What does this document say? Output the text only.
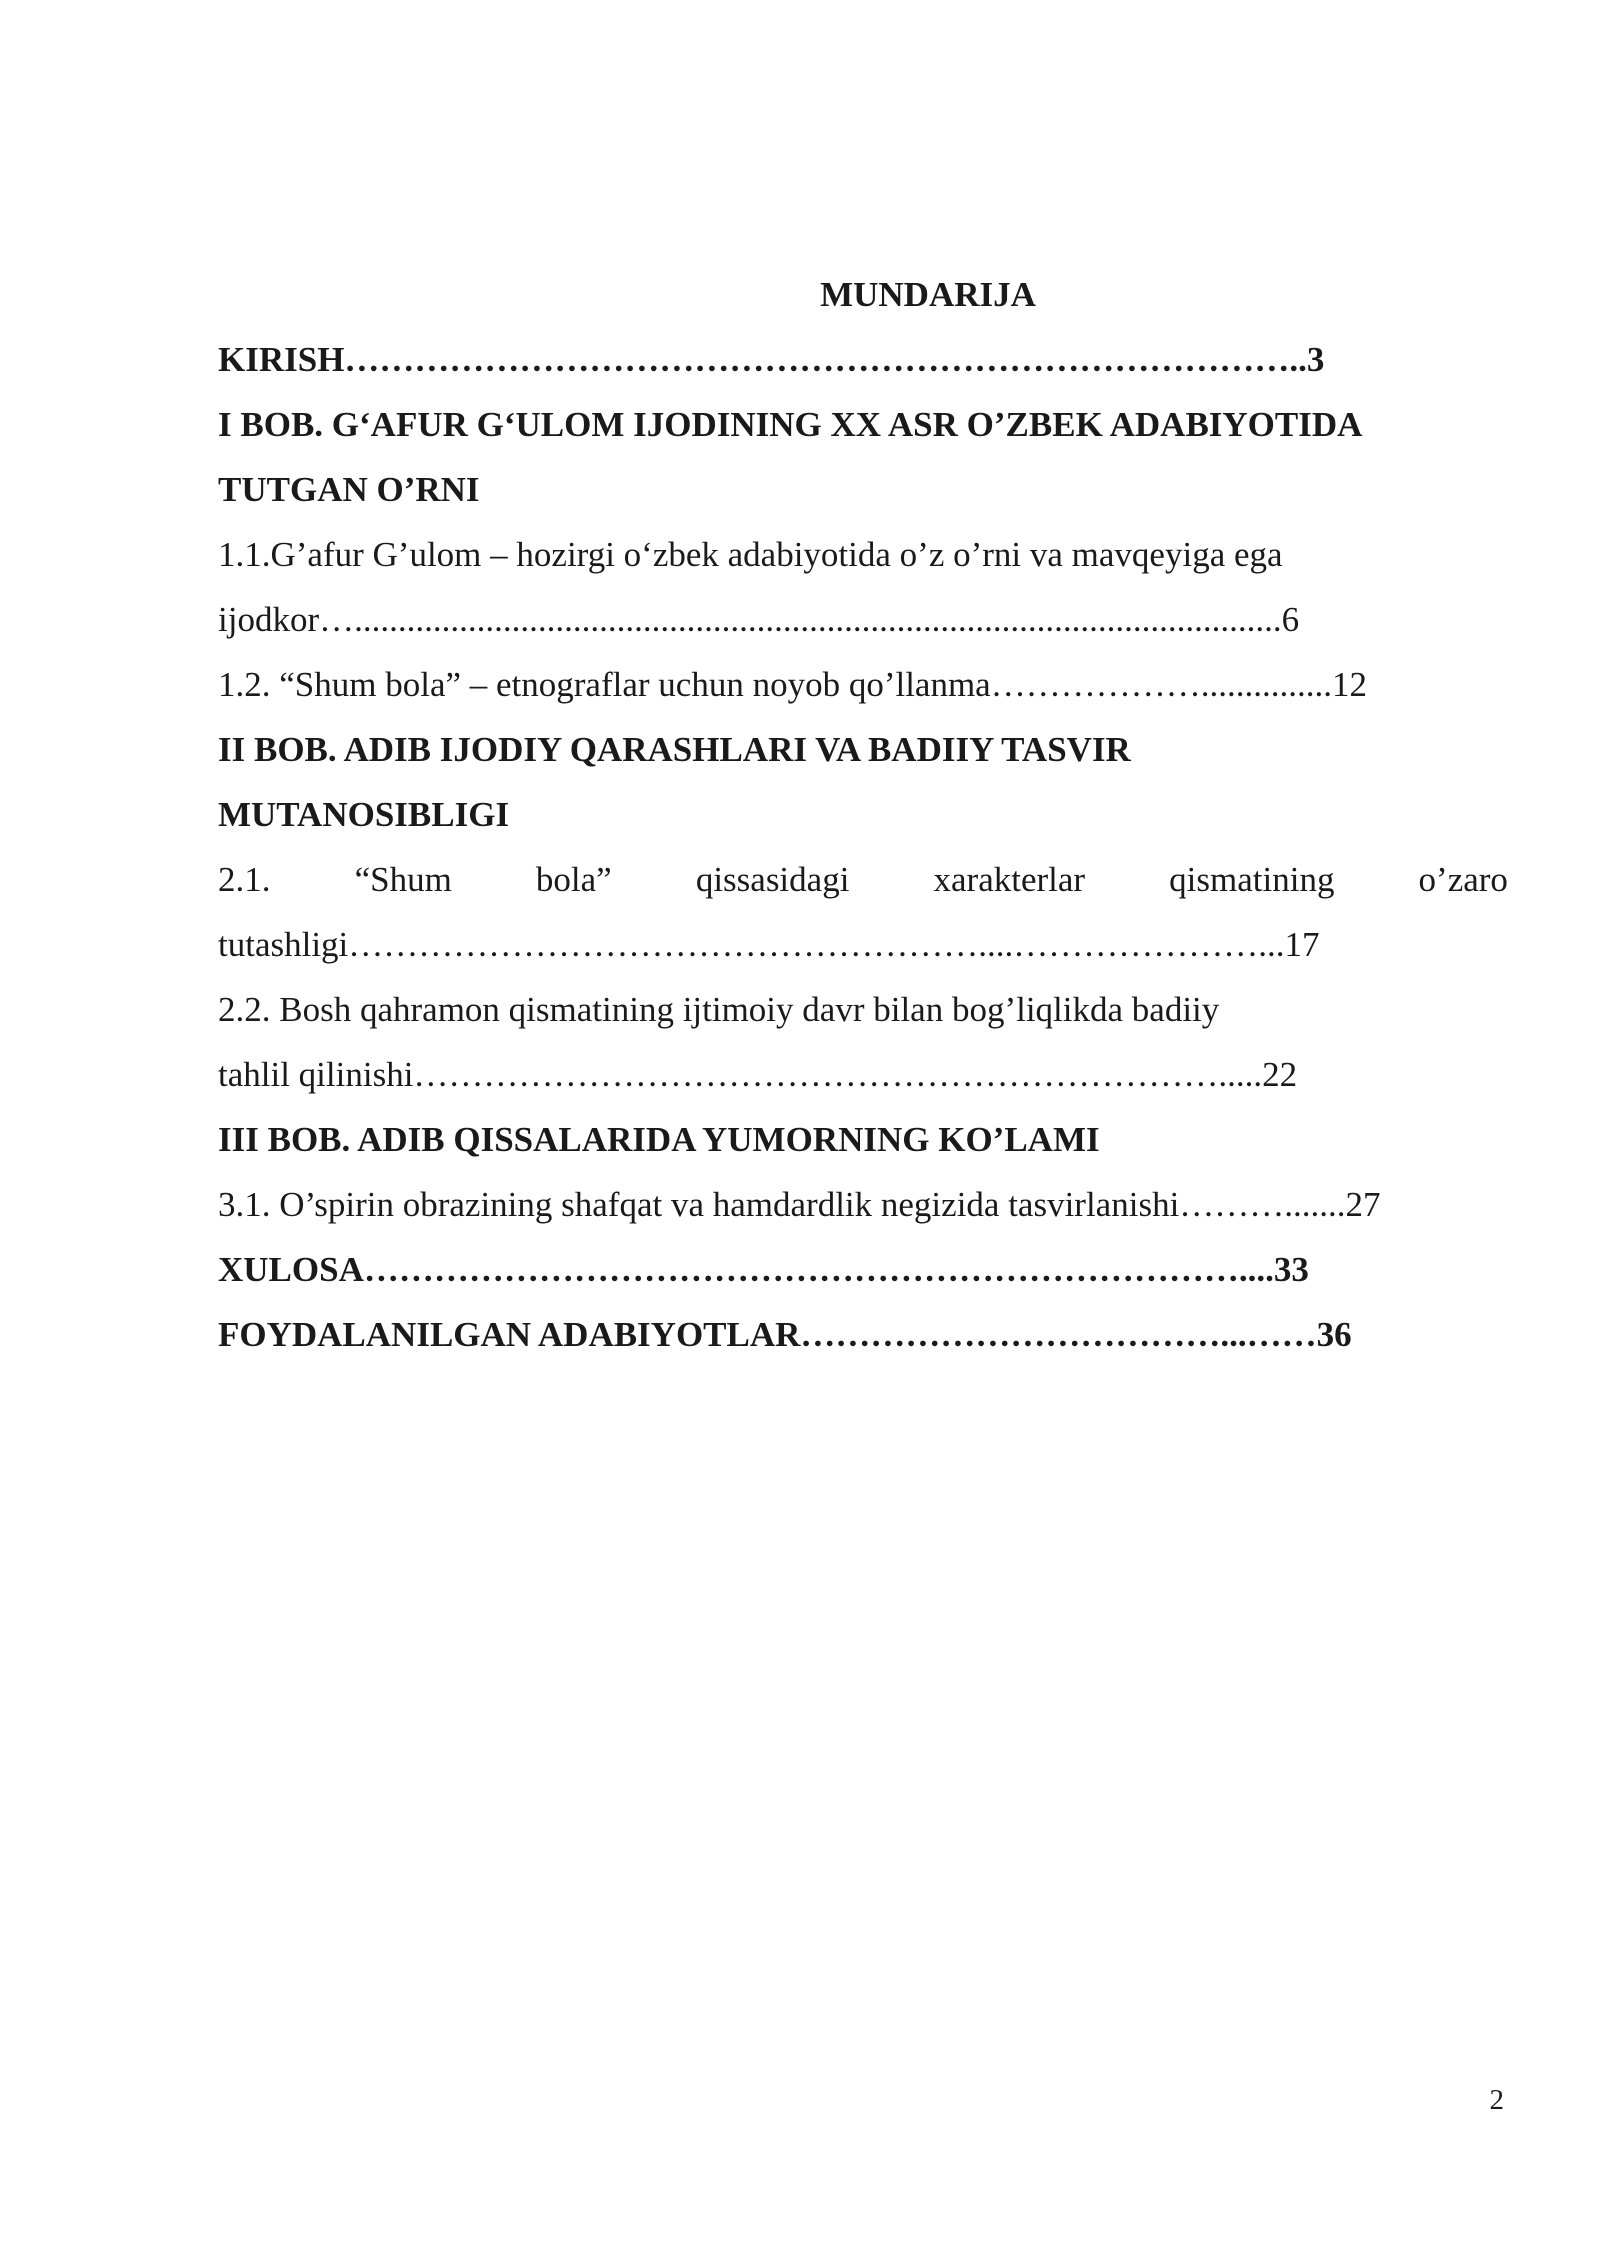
MUNDARIJA
KIRISH………………………………………………………………………..3
I BOB. G‘AFUR G‘ULOM IJODINING XX ASR O’ZBEK ADABIYOTIDA
TUTGAN O’RNI
1.1.G’afur G’ulom – hozirgi o‘zbek adabiyotida o’z o’rni va mavqeyiga ega
ijodkor…..........................................................................................................6
1.2. “Shum bola” – etnograflar uchun noyob qo’llanma………………...............12
II BOB. ADIB IJODIY QARASHLARI VA BADIIY TASVIR
MUTANOSIBLIGI
2.1. “Shum bola” qissasidagi xarakterlar qismatining o’zaro
tutashligi………………………………………………....…………………...17
2.2. Bosh qahramon qismatining ijtimoiy davr bilan bog’liqlikda badiiy
tahlil qilinishi…………………………………………………………….....22
III BOB. ADIB QISSALARIDA YUMORNING KO’LAMI
3.1. O’spirin obrazining shafqat va hamdardlik negizida tasvirlanishi……….......27
XULOSA…………………………………………………………………....33
FOYDALANILGAN ADABIYOTLAR………………………………...……36
2
